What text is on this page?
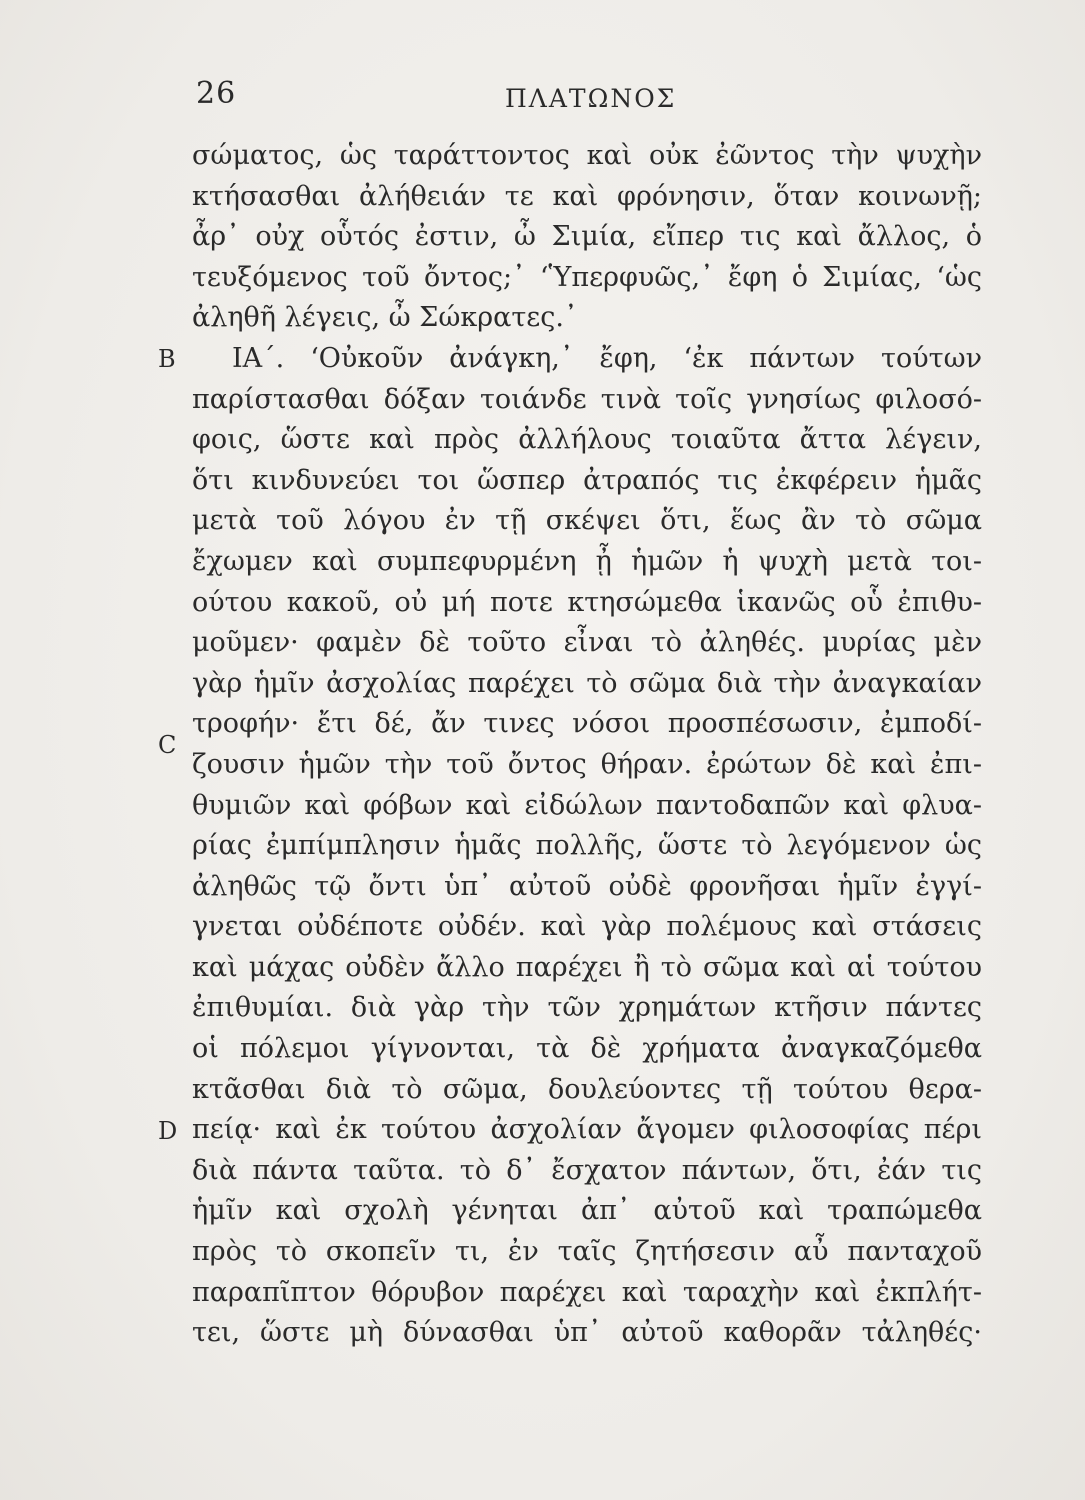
26	ΠΛΑΤΩΝΟΣ
B
C
D
σώματος, ὡς ταράττοντος καὶ οὐκ ἐῶντος τὴν ψυχὴν
κτήσασθαι ἀλήθειάν τε καὶ φρόνησιν, ὅταν κοινωνῇ;
ἆρ᾽ οὐχ οὗτός ἐστιν, ὦ Σιμία, εἴπερ τις καὶ ἄλλος, ὁ
τευξόμενος τοῦ ὄντος;᾽ ‘Ὑπερφυῶς,᾽ ἔφη ὁ Σιμίας, ‘ὡς
ἀληθῆ λέγεις, ὦ Σώκρατες.᾽
ΙΑ΄. ‘Οὐκοῦν ἀνάγκη,᾽ ἔφη, ‘ἐκ πάντων τούτων
παρίστασθαι δόξαν τοιάνδε τινὰ τοῖς γνησίως φιλοσό-
φοις, ὥστε καὶ πρὸς ἀλλήλους τοιαῦτα ἄττα λέγειν,
ὅτι κινδυνεύει τοι ὥσπερ ἀτραπός τις ἐκφέρειν ἡμᾶς
μετὰ τοῦ λόγου ἐν τῇ σκέψει ὅτι, ἕως ἂν τὸ σῶμα
ἔχωμεν καὶ συμπεφυρμένη ᾖ ἡμῶν ἡ ψυχὴ μετὰ τοι-
ούτου κακοῦ, οὐ μή ποτε κτησώμεθα ἱκανῶς οὗ ἐπιθυ-
μοῦμεν· φαμὲν δὲ τοῦτο εἶναι τὸ ἀληθές. μυρίας μὲν
γὰρ ἡμῖν ἀσχολίας παρέχει τὸ σῶμα διὰ τὴν ἀναγκαίαν
τροφήν· ἔτι δέ, ἄν τινες νόσοι προσπέσωσιν, ἐμποδί-
ζουσιν ἡμῶν τὴν τοῦ ὄντος θήραν. ἐρώτων δὲ καὶ ἐπι-
θυμιῶν καὶ φόβων καὶ εἰδώλων παντοδαπῶν καὶ φλυα-
ρίας ἐμπίμπλησιν ἡμᾶς πολλῆς, ὥστε τὸ λεγόμενον ὡς
ἀληθῶς τῷ ὄντι ὑπ᾽ αὐτοῦ οὐδὲ φρονῆσαι ἡμῖν ἐγγί-
γνεται οὐδέποτε οὐδέν. καὶ γὰρ πολέμους καὶ στάσεις
καὶ μάχας οὐδὲν ἄλλο παρέχει ἢ τὸ σῶμα καὶ αἱ τούτου
ἐπιθυμίαι. διὰ γὰρ τὴν τῶν χρημάτων κτῆσιν πάντες
οἱ πόλεμοι γίγνονται, τὰ δὲ χρήματα ἀναγκαζόμεθα
κτᾶσθαι διὰ τὸ σῶμα, δουλεύοντες τῇ τούτου θερα-
πείᾳ· καὶ ἐκ τούτου ἀσχολίαν ἄγομεν φιλοσοφίας πέρι
διὰ πάντα ταῦτα. τὸ δ᾽ ἔσχατον πάντων, ὅτι, ἐάν τις
ἡμῖν καὶ σχολὴ γένηται ἀπ᾽ αὐτοῦ καὶ τραπώμεθα
πρὸς τὸ σκοπεῖν τι, ἐν ταῖς ζητήσεσιν αὖ πανταχοῦ
παραπῖπτον θόρυβον παρέχει καὶ ταραχὴν καὶ ἐκπλήτ-
τει, ὥστε μὴ δύνασθαι ὑπ᾽ αὐτοῦ καθορᾶν τἀληθές·
